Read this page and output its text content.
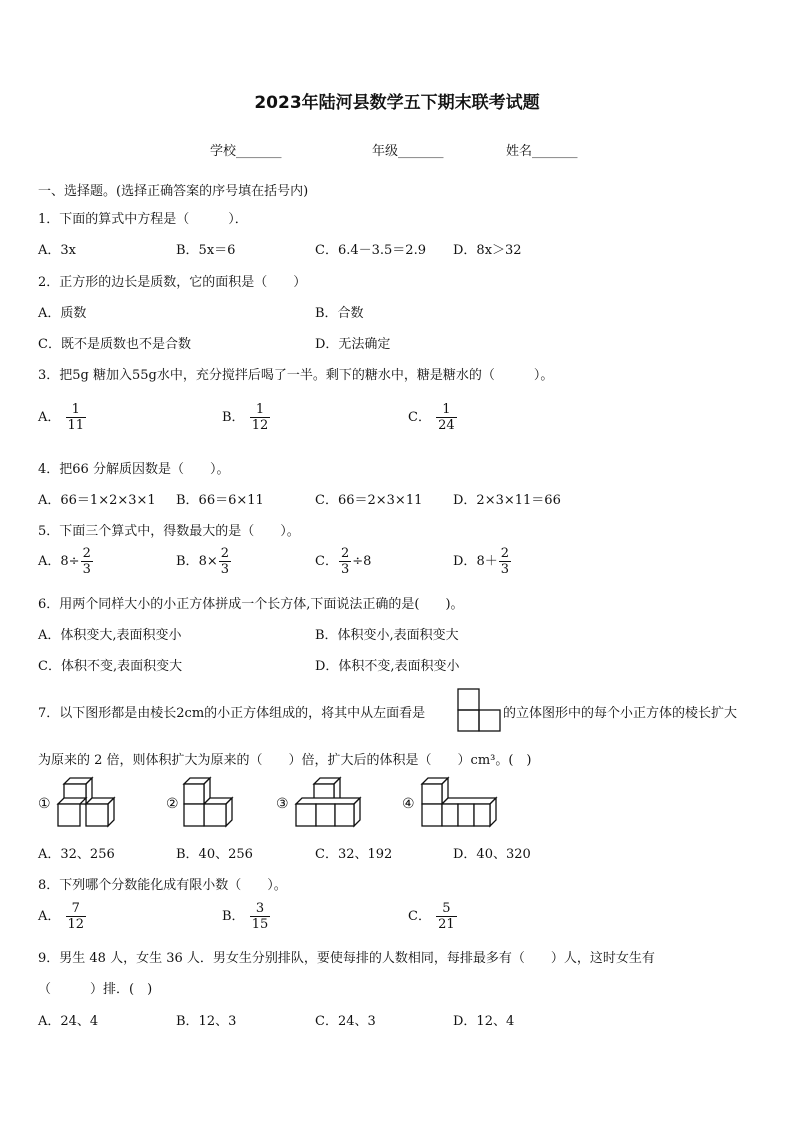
2023年陆河县数学五下期末联考试题
学校_______	年级_______	姓名_______
一、选择题。(选择正确答案的序号填在括号内)
1．下面的算式中方程是（　　　）．
A．3x	B．5x＝6	C．6.4－3.5＝2.9 D．8x＞32
2．正方形的边长是质数，它的面积是（　　）
A．质数	B．合数
C．既不是质数也不是合数	D．无法确定
3．把5g 糖加入55g水中，充分搅拌后喝了一半。剩下的糖水中，糖是糖水的（　　　）。
A． $\frac{1}{11}$	B． $\frac{1}{12}$	C． $\frac{1}{24}$
4．把66 分解质因数是（　　）。
A．66＝1×2×3×1 B．66＝6×11	C．66＝2×3×11 D．2×3×11＝66
5．下面三个算式中，得数最大的是（　　）。
A．$8\div \frac{2}{3}$	B．$8\times \frac{2}{3}$	C． $\frac{2}{3} \div 8$	D．$8+ \frac{2}{3}$
6．用两个同样大小的小正方体拼成一个长方体,下面说法正确的是(　　)。
A．体积变大,表面积变小	B．体积变小,表面积变大
C．体积不变,表面积变大	D．体积不变,表面积变小
7．以下图形都是由棱长2cm的小正方体组成的，将其中从左面看是	的立体图形中的每个小正方体的棱长扩大
为原来的 2 倍，则体积扩大为原来的（　　）倍，扩大后的体积是（　　）cm³。(　)
①	②	③	④
A．32、256	B．40、256	C．32、192	D．40、320
8．下列哪个分数能化成有限小数（　　）。
A． $\frac{7}{12}$	B． $\frac{3}{15}$	C． $\frac{5}{21}$
9．男生 48 人，女生 36 人．男女生分别排队，要使每排的人数相同，每排最多有（　　）人，这时女生有
（　　　）排．(　)
A．24、4	B．12、3	C．24、3	D．12、4
